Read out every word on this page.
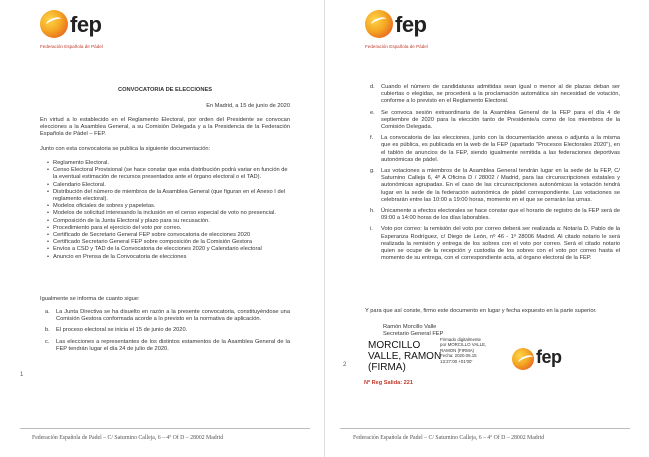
fep
Federación Española de Pádel
CONVOCATORIA DE ELECCIONES
En Madrid, a 15 de junio de 2020
En virtud a lo establecido en el Reglamento Electoral, por orden del Presidente se convocan elecciones a la Asamblea General, a su Comisión Delegada y a la Presidencia de la Federación Española de Pádel – FEP.
Junto con esta convocatoria se publica la siguiente documentación:
• Reglamento Electoral.
• Censo Electoral Provisional (se hace constar que esta distribución podrá variar en función de la eventual estimación de recursos presentados ante el órgano electoral o el TAD).
• Calendario Electoral.
• Distribución del número de miembros de la Asamblea General (que figuran en el Anexo I del reglamento electoral).
• Modelos oficiales de sobres y papeletas.
• Modelos de solicitud interesando la inclusión en el censo especial de voto no presencial.
• Composición de la Junta Electoral y plazo para su recusación.
• Procedimiento para el ejercicio del voto por correo.
• Certificado de Secretario General FEP sobre convocatoria de elecciones 2020
• Certificado Secretario General FEP sobre composición de la Comisión Gestora
• Envíos a CSD y TAD de la Convocatoria de elecciones 2020 y Calendario electoral
• Anuncio en Prensa de la Convocatoria de elecciones
Igualmente se informa de cuanto sigue:
a. La Junta Directiva se ha disuelto en razón a la presente convocatoria, constituyéndose una Comisión Gestora conformada acorde a lo previsto en la normativa de aplicación.
b. El proceso electoral se inicia el 15 de junio de 2020.
c. Las elecciones a representantes de los distintos estamentos de la Asamblea General de la FEP tendrán lugar el día 24 de julio de 2020.
1
Federación Española de Padel – C/ Saturnino Calleja, 6 – 4º Of D – 28002 Madrid
fep
Federación Española de Pádel
d. Cuando el número de candidaturas admitidas sean igual o menor al de plazas deban ser cubiertas o elegidas, se procederá a la proclamación automática sin necesidad de votación, conforme a lo previsto en el Reglamento Electoral.
e. Se convoca sesión extraordinaria de la Asamblea General de la FEP para el día 4 de septiembre de 2020 para la elección tanto de Presidente/a como de los miembros de la Comisión Delegada.
f. La convocatoria de las elecciones, junto con la documentación anexa o adjunta a la misma que es pública, es publicada en la web de la FEP (apartado "Procesos Electorales 2020"), en el tablón de anuncios de la FEP, siendo igualmente remitida a las federaciones deportivas autonómicas de pádel.
g. Las votaciones a miembros de la Asamblea General tendrán lugar en la sede de la FEP, C/ Saturnino Calleja 6, 4º A Oficina D / 28002 / Madrid, para las circunscripciones estatales y autonómicas agrupadas. En el caso de las circunscripciones autonómicas la votación tendrá lugar en la sede de la federación autonómica de pádel correspondiente. Las votaciones se celebrarán entre las 10:00 a 19:00 horas, momento en el que se cerrarán las urnas.
h. Únicamente a efectos electorales se hace constar que el horario de registro de la FEP será de 09:00 a 14:00 horas de los días laborables.
i. Voto por correo: la remisión del voto por correo deberá ser realizada a: Notaría D. Pablo de la Esperanza Rodríguez, c/ Diego de León, nº 46 - 1º 28006 Madrid. Al citado notario le será realizada la remisión y entrega de los sobres con el voto por correo. Será el citado notario quien se ocupe de la recepción y custodia de los sobres con el voto por correo hasta el momento de su entrega, con el correspondiente acta, al órgano electoral de la FEP.
Y para que así conste, firmo este documento en lugar y fecha expuesto en la parte superior.
Ramón Morcillo Valle
Secretario General FEP
2
Federación Española de Padel – C/ Saturnino Calleja, 6 – 4º Of D – 28002 Madrid
MORCILLO
VALLE, RAMON
(FIRMA)
Firmado digitalmente
por MORCILLO VALLE,
RAMON (FIRMA)
Fecha: 2020.06.15
13:27:00 +01'00'	fep
Nº Reg Salida: 221
